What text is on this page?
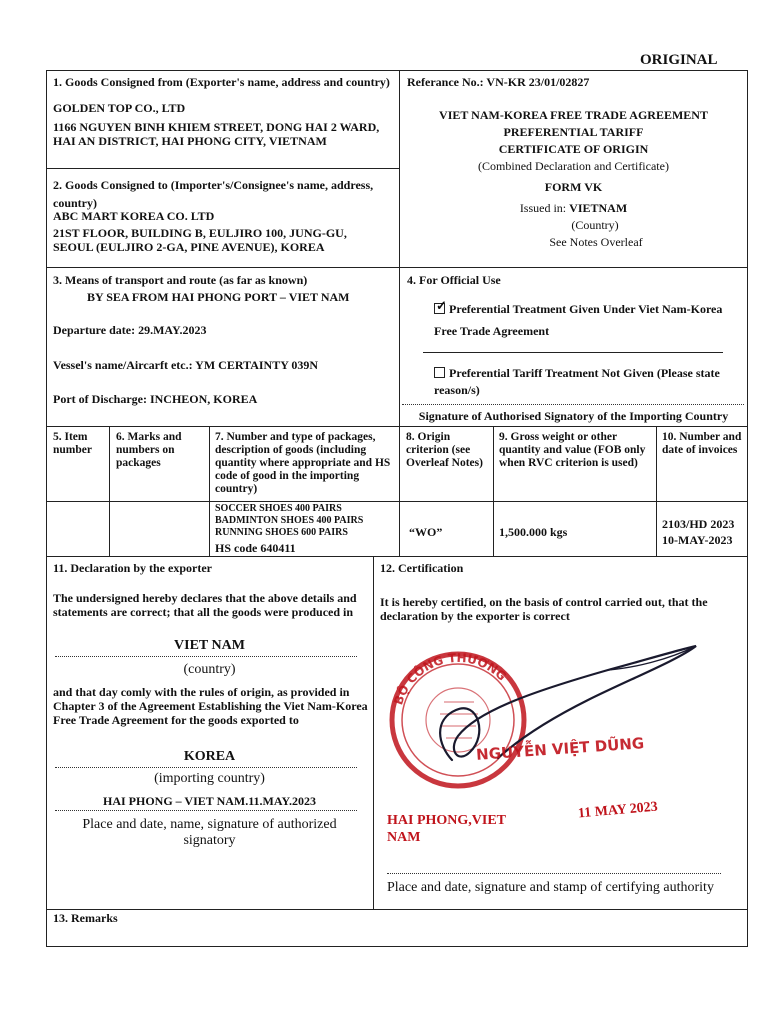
ORIGINAL
1. Goods Consigned from (Exporter's name, address and country)
GOLDEN TOP CO., LTD
1166 NGUYEN BINH KHIEM STREET, DONG HAI 2 WARD, HAI AN DISTRICT, HAI PHONG CITY, VIETNAM
Referance No.: VN-KR 23/01/02827
VIET NAM-KOREA FREE TRADE AGREEMENT
PREFERENTIAL TARIFF
CERTIFICATE OF ORIGIN
(Combined Declaration and Certificate)
FORM VK
Issued in: VIETNAM
(Country)
See Notes Overleaf
2. Goods Consigned to (Importer's/Consignee's name, address, country)
ABC MART KOREA CO. LTD
21ST FLOOR, BUILDING B, EULJIRO 100, JUNG-GU, SEOUL (EULJIRO 2-GA, PINE AVENUE), KOREA
3. Means of transport and route (as far as known)
BY SEA FROM HAI PHONG PORT – VIET NAM
Departure date: 29.MAY.2023
Vessel's name/Aircarft etc.: YM CERTAINTY 039N
Port of Discharge: INCHEON, KOREA
4. For Official Use
✓ Preferential Treatment Given Under Viet Nam-Korea Free Trade Agreement
Preferential Tariff Treatment Not Given (Please state reason/s)
Signature of Authorised Signatory of the Importing Country
5. Item number
6. Marks and numbers on packages
7. Number and type of packages, description of goods (including quantity where appropriate and HS code of good in the importing country)
8. Origin criterion (see Overleaf Notes)
9. Gross weight or other quantity and value (FOB only when RVC criterion is used)
10. Number and date of invoices
SOCCER SHOES 400 PAIRS
BADMINTON SHOES 400 PAIRS
RUNNING SHOES 600 PAIRS
HS code 640411
“WO”	1,500.000 kgs
2103/HD 2023
10-MAY-2023
11. Declaration by the exporter
The undersigned hereby declares that the above details and statements are correct; that all the goods were produced in
VIET NAM
(country)
and that day comly with the rules of origin, as provided in Chapter 3 of the Agreement Establishing the Viet Nam-Korea Free Trade Agreement for the goods exported to
KOREA
(importing country)
HAI PHONG – VIET NAM.11.MAY.2023
Place and date, name, signature of authorized signatory
12. Certification
It is hereby certified, on the basis of control carried out, that the declaration by the exporter is correct
BỘ CÔNG THƯƠNG
NGUYỄN VIỆT DŨNG
HAI PHONG,VIET NAM
11 MAY 2023
Place and date, signature and stamp of certifying authority
13. Remarks
